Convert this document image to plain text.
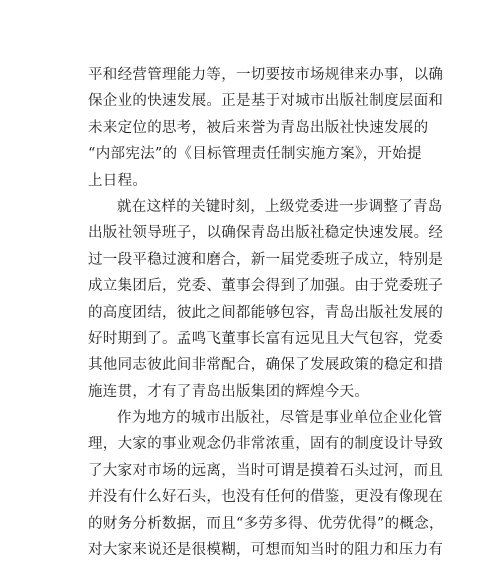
平和经营管理能力等，一切要按市场规律来办事，以确
保企业的快速发展。正是基于对城市出版社制度层面和
未来定位的思考，被后来誉为青岛出版社快速发展的
“内部宪法”的《目标管理责任制实施方案》，开始提
上日程。
就在这样的关键时刻，上级党委进一步调整了青岛
出版社领导班子，以确保青岛出版社稳定快速发展。经
过一段平稳过渡和磨合，新一届党委班子成立，特别是
成立集团后，党委、董事会得到了加强。由于党委班子
的高度团结，彼此之间都能够包容，青岛出版社发展的
好时期到了。孟鸣飞董事长富有远见且大气包容，党委
其他同志彼此间非常配合，确保了发展政策的稳定和措
施连贯，才有了青岛出版集团的辉煌今天。
作为地方的城市出版社，尽管是事业单位企业化管
理，大家的事业观念仍非常浓重，固有的制度设计导致
了大家对市场的远离，当时可谓是摸着石头过河，而且
并没有什么好石头，也没有任何的借鉴，更没有像现在
的财务分析数据，而且“多劳多得、优劳优得”的概念，
对大家来说还是很模糊，可想而知当时的阻力和压力有
